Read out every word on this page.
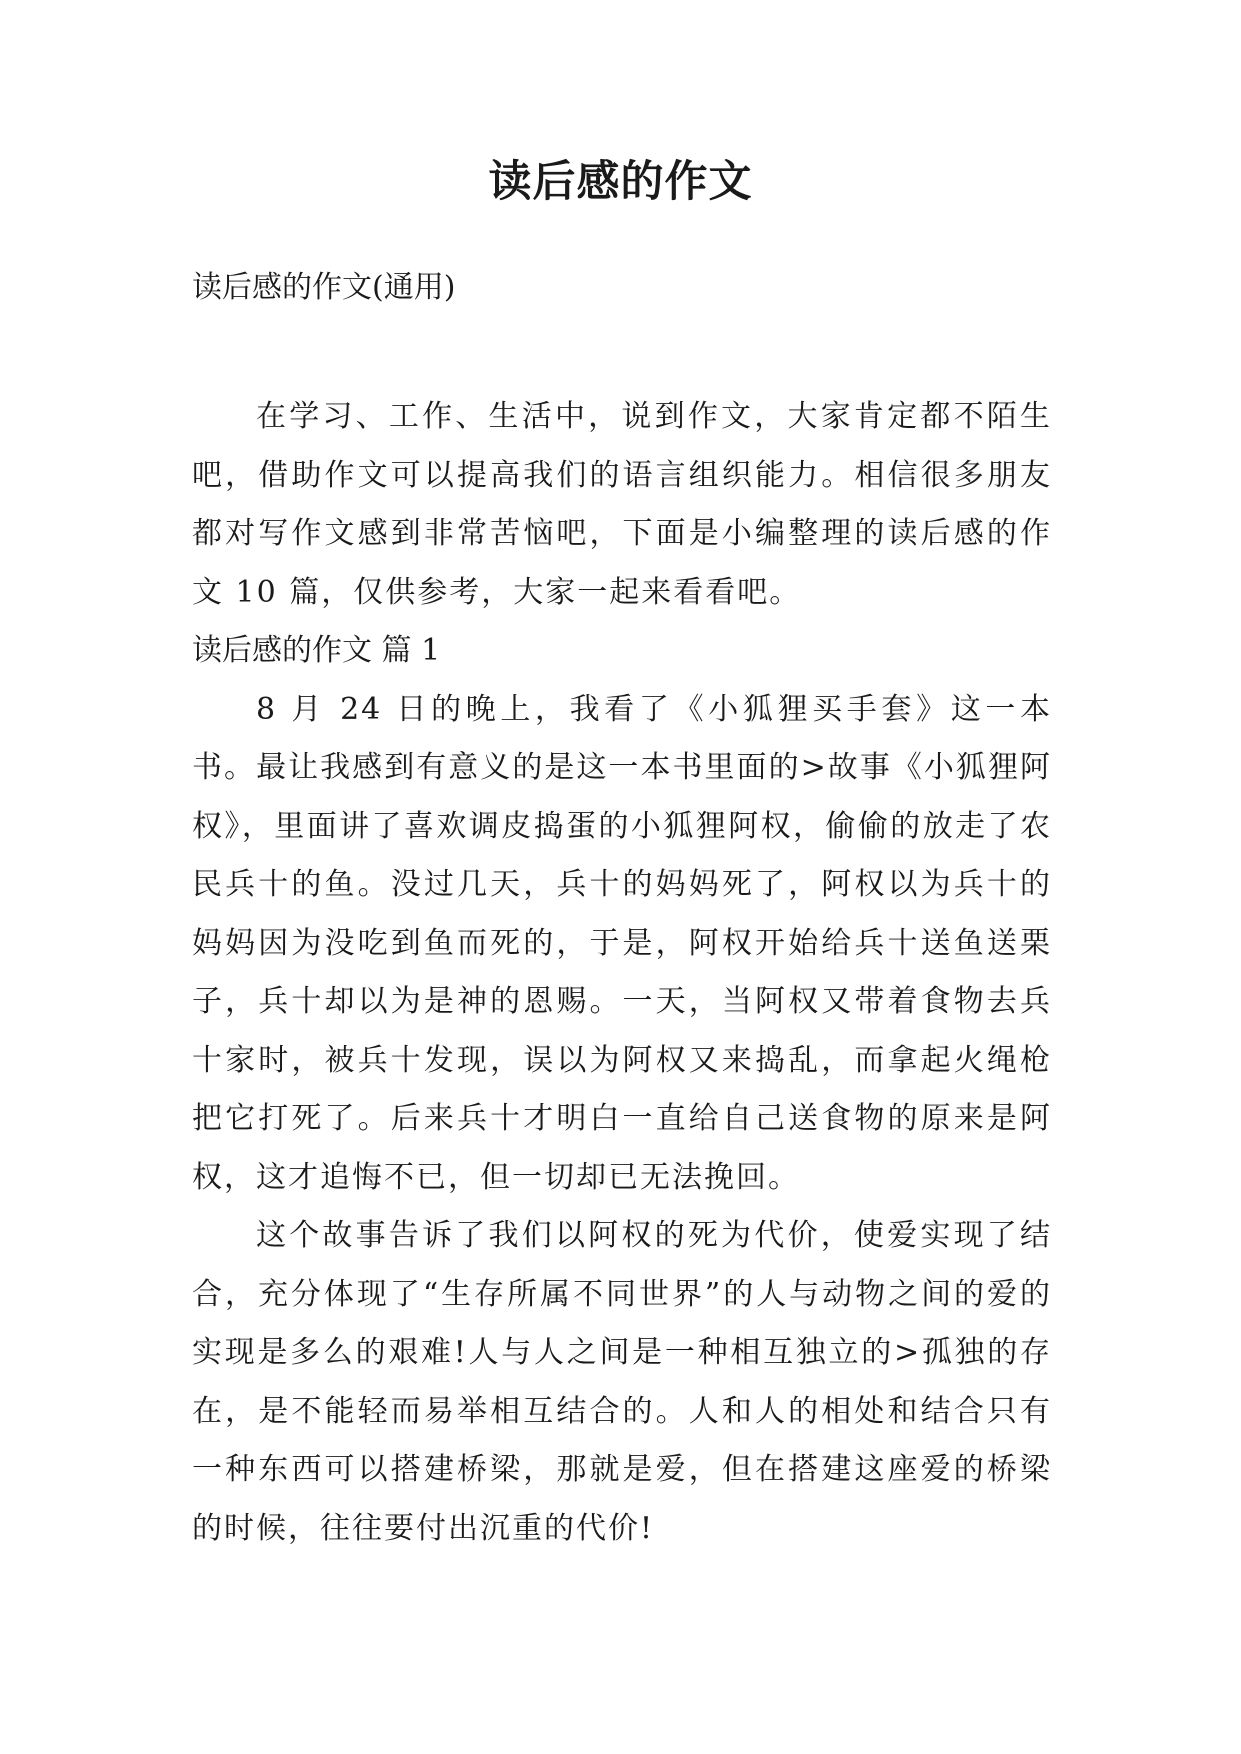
读后感的作文

读后感的作文(通用)

在学习、工作、生活中，说到作文，大家肯定都不陌生吧，借助作文可以提高我们的语言组织能力。相信很多朋友都对写作文感到非常苦恼吧，下面是小编整理的读后感的作文 10 篇，仅供参考，大家一起来看看吧。

读后感的作文 篇 1

8 月 24 日的晚上，我看了《小狐狸买手套》这一本书。最让我感到有意义的是这一本书里面的>故事《小狐狸阿权》，里面讲了喜欢调皮捣蛋的小狐狸阿权，偷偷的放走了农民兵十的鱼。没过几天，兵十的妈妈死了，阿权以为兵十的妈妈因为没吃到鱼而死的，于是，阿权开始给兵十送鱼送栗子，兵十却以为是神的恩赐。一天，当阿权又带着食物去兵十家时，被兵十发现，误以为阿权又来捣乱，而拿起火绳枪把它打死了。后来兵十才明白一直给自己送食物的原来是阿权，这才追悔不已，但一切却已无法挽回。

这个故事告诉了我们以阿权的死为代价，使爱实现了结合，充分体现了“生存所属不同世界”的人与动物之间的爱的实现是多么的艰难!人与人之间是一种相互独立的>孤独的存在，是不能轻而易举相互结合的。人和人的相处和结合只有一种东西可以搭建桥梁，那就是爱，但在搭建这座爱的桥梁的时候，往往要付出沉重的代价!
